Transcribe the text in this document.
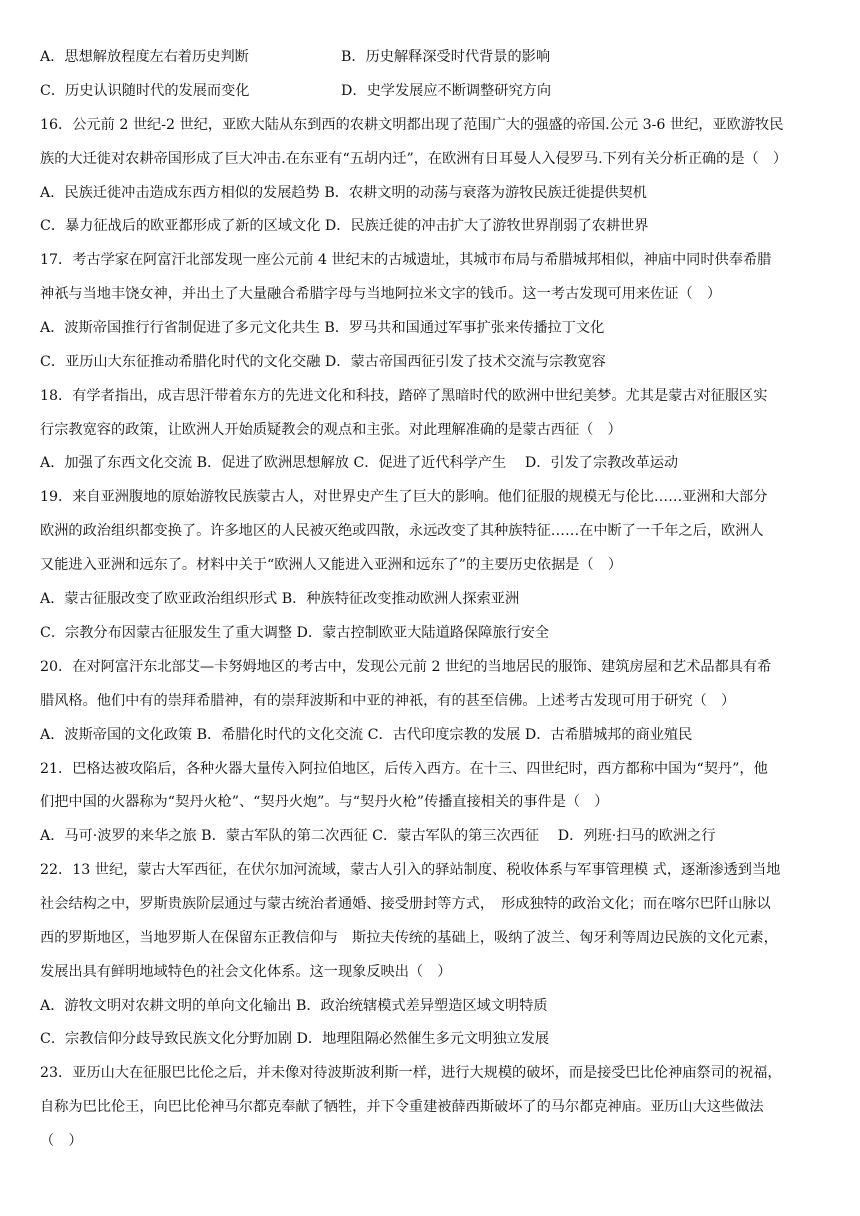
A．思想解放程度左右着历史判断	B．历史解释深受时代背景的影响
C．历史认识随时代的发展而变化	D．史学发展应不断调整研究方向
16．公元前 2 世纪-2 世纪，亚欧大陆从东到西的农耕文明都出现了范围广大的强盛的帝国.公元 3-6 世纪，亚欧游牧民
族的大迁徙对农耕帝国形成了巨大冲击.在东亚有“五胡内迁”，在欧洲有日耳曼人入侵罗马.下列有关分析正确的是（　）
A．民族迁徙冲击造成东西方相似的发展趋势 B．农耕文明的动荡与衰落为游牧民族迁徙提供契机
C．暴力征战后的欧亚都形成了新的区域文化 D．民族迁徙的冲击扩大了游牧世界削弱了农耕世界
17．考古学家在阿富汗北部发现一座公元前 4 世纪末的古城遗址，其城市布局与希腊城邦相似，神庙中同时供奉希腊
神祇与当地丰饶女神，并出土了大量融合希腊字母与当地阿拉米文字的钱币。这一考古发现可用来佐证（　）
A．波斯帝国推行行省制促进了多元文化共生 B．罗马共和国通过军事扩张来传播拉丁文化
C．亚历山大东征推动希腊化时代的文化交融 D．蒙古帝国西征引发了技术交流与宗教宽容
18．有学者指出，成吉思汗带着东方的先进文化和科技，踏碎了黑暗时代的欧洲中世纪美梦。尤其是蒙古对征服区实
行宗教宽容的政策，让欧洲人开始质疑教会的观点和主张。对此理解准确的是蒙古西征（　）
A．加强了东西文化交流 B．促进了欧洲思想解放 C．促进了近代科学产生　 D．引发了宗教改革运动
19．来自亚洲腹地的原始游牧民族蒙古人，对世界史产生了巨大的影响。他们征服的规模无与伦比……亚洲和大部分
欧洲的政治组织都变换了。许多地区的人民被灭绝或四散，永远改变了其种族特征……在中断了一千年之后，欧洲人
又能进入亚洲和远东了。材料中关于“欧洲人又能进入亚洲和远东了”的主要历史依据是（　）
A．蒙古征服改变了欧亚政治组织形式 B．种族特征改变推动欧洲人探索亚洲
C．宗教分布因蒙古征服发生了重大调整 D．蒙古控制欧亚大陆道路保障旅行安全
20．在对阿富汗东北部艾—卡努姆地区的考古中，发现公元前 2 世纪的当地居民的服饰、建筑房屋和艺术品都具有希
腊风格。他们中有的崇拜希腊神，有的崇拜波斯和中亚的神祇，有的甚至信佛。上述考古发现可用于研究（　）
A．波斯帝国的文化政策 B．希腊化时代的文化交流 C．古代印度宗教的发展 D．古希腊城邦的商业殖民
21．巴格达被攻陷后，各种火器大量传入阿拉伯地区，后传入西方。在十三、四世纪时，西方都称中国为“契丹”，他
们把中国的火器称为“契丹火枪”、“契丹火炮”。与“契丹火枪”传播直接相关的事件是（　）
A．马可·波罗的来华之旅 B．蒙古军队的第二次西征 C．蒙古军队的第三次西征　 D．列班·扫马的欧洲之行
22．13 世纪，蒙古大军西征，在伏尔加河流域，蒙古人引入的驿站制度、税收体系与军事管理模 式，逐渐渗透到当地
社会结构之中，罗斯贵族阶层通过与蒙古统治者通婚、接受册封等方式，　形成独特的政治文化；而在喀尔巴阡山脉以
西的罗斯地区，当地罗斯人在保留东正教信仰与　斯拉夫传统的基础上，吸纳了波兰、匈牙利等周边民族的文化元素，
发展出具有鲜明地域特色的社会文化体系。这一现象反映出（　）
A．游牧文明对农耕文明的单向文化输出 B．政治统辖模式差异塑造区域文明特质
C．宗教信仰分歧导致民族文化分野加剧 D．地理阻隔必然催生多元文明独立发展
23．亚历山大在征服巴比伦之后，并未像对待波斯波利斯一样，进行大规模的破坏，而是接受巴比伦神庙祭司的祝福，
自称为巴比伦王，向巴比伦神马尔都克奉献了牺牲，并下令重建被薛西斯破坏了的马尔都克神庙。亚历山大这些做法
（　）
